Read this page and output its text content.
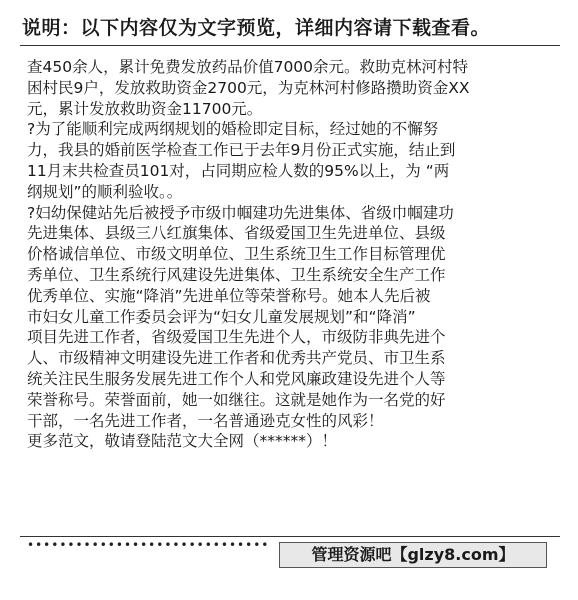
说明：以下内容仅为文字预览，详细内容请下载查看。
查450余人，累计免费发放药品价值7000余元。救助克林河村特
困村民9户，发放救助资金2700元，为克林河村修路攒助资金XX
元，累计发放救助资金11700元。
?为了能顺利完成两纲规划的婚检即定目标，经过她的不懈努
力，我县的婚前医学检查工作已于去年9月份正式实施，结止到
11月末共检查员101对，占同期应检人数的95%以上，为 “两
纲规划”的顺利验收。。
?妇幼保健站先后被授予市级巾帼建功先进集体、省级巾帼建功
先进集体、县级三八红旗集体、省级爱国卫生先进单位、县级
价格诚信单位、市级文明单位、卫生系统卫生工作目标管理优
秀单位、卫生系统行风建设先进集体、卫生系统安全生产工作
优秀单位、实施“降消”先进单位等荣誉称号。她本人先后被
市妇女儿童工作委员会评为“妇女儿童发展规划”和“降消”
项目先进工作者，省级爱国卫生先进个人，市级防非典先进个
人、市级精神文明建设先进工作者和优秀共产党员、市卫生系
统关注民生服务发展先进工作个人和党风廉政建设先进个人等
荣誉称号。荣誉面前，她一如继往。这就是她作为一名党的好
干部，一名先进工作者，一名普通逊克女性的风彩！
更多范文，敬请登陆范文大全网（******）！
••••••••••••••••••••••••••••••	管理资源吧【glzy8.com】
